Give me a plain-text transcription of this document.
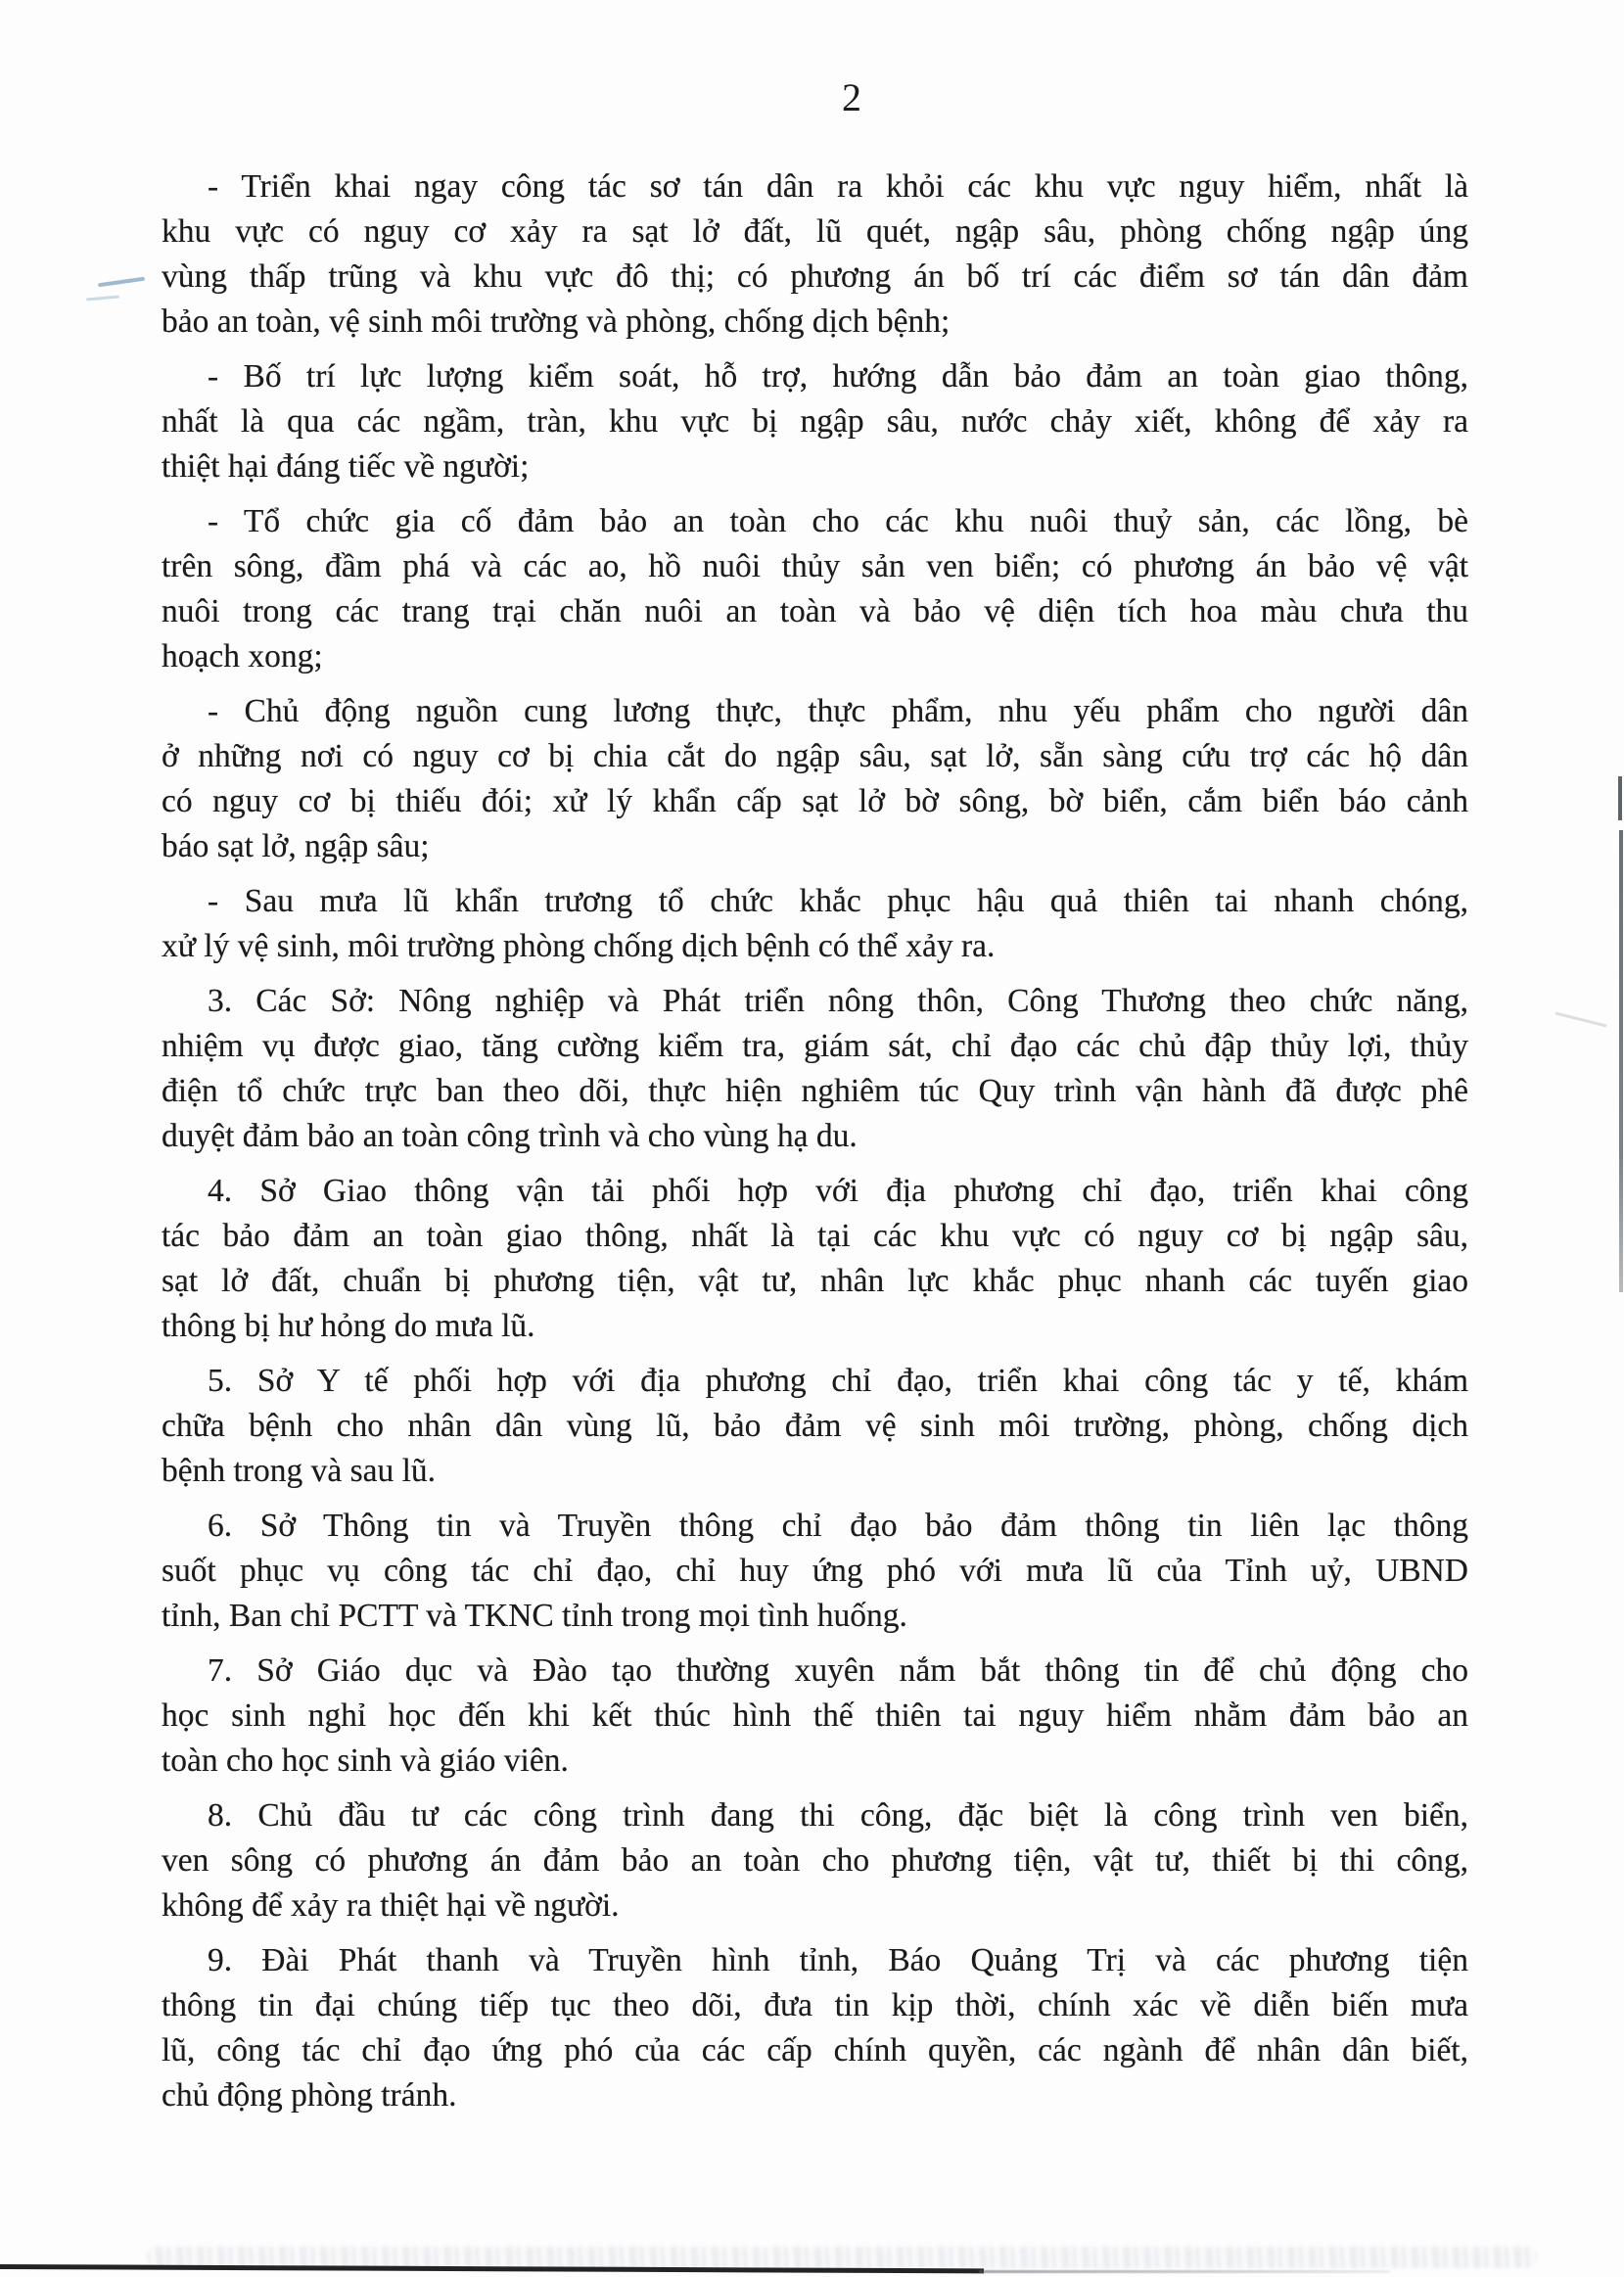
2
- Triển khai ngay công tác sơ tán dân ra khỏi các khu vực nguy hiểm, nhất là
khu vực có nguy cơ xảy ra sạt lở đất, lũ quét, ngập sâu, phòng chống ngập úng
vùng thấp trũng và khu vực đô thị; có phương án bố trí các điểm sơ tán dân đảm
bảo an toàn, vệ sinh môi trường và phòng, chống dịch bệnh;
- Bố trí lực lượng kiểm soát, hỗ trợ, hướng dẫn bảo đảm an toàn giao thông,
nhất là qua các ngầm, tràn, khu vực bị ngập sâu, nước chảy xiết, không để xảy ra
thiệt hại đáng tiếc về người;
- Tổ chức gia cố đảm bảo an toàn cho các khu nuôi thuỷ sản, các lồng, bè
trên sông, đầm phá và các ao, hồ nuôi thủy sản ven biển; có phương án bảo vệ vật
nuôi trong các trang trại chăn nuôi an toàn và bảo vệ diện tích hoa màu chưa thu
hoạch xong;
- Chủ động nguồn cung lương thực, thực phẩm, nhu yếu phẩm cho người dân
ở những nơi có nguy cơ bị chia cắt do ngập sâu, sạt lở, sẵn sàng cứu trợ các hộ dân
có nguy cơ bị thiếu đói; xử lý khẩn cấp sạt lở bờ sông, bờ biển, cắm biển báo cảnh
báo sạt lở, ngập sâu;
- Sau mưa lũ khẩn trương tổ chức khắc phục hậu quả thiên tai nhanh chóng,
xử lý vệ sinh, môi trường phòng chống dịch bệnh có thể xảy ra.
3. Các Sở: Nông nghiệp và Phát triển nông thôn, Công Thương theo chức năng,
nhiệm vụ được giao, tăng cường kiểm tra, giám sát, chỉ đạo các chủ đập thủy lợi, thủy
điện tổ chức trực ban theo dõi, thực hiện nghiêm túc Quy trình vận hành đã được phê
duyệt đảm bảo an toàn công trình và cho vùng hạ du.
4. Sở Giao thông vận tải phối hợp với địa phương chỉ đạo, triển khai công
tác bảo đảm an toàn giao thông, nhất là tại các khu vực có nguy cơ bị ngập sâu,
sạt lở đất, chuẩn bị phương tiện, vật tư, nhân lực khắc phục nhanh các tuyến giao
thông bị hư hỏng do mưa lũ.
5. Sở Y tế phối hợp với địa phương chỉ đạo, triển khai công tác y tế, khám
chữa bệnh cho nhân dân vùng lũ, bảo đảm vệ sinh môi trường, phòng, chống dịch
bệnh trong và sau lũ.
6. Sở Thông tin và Truyền thông chỉ đạo bảo đảm thông tin liên lạc thông
suốt phục vụ công tác chỉ đạo, chỉ huy ứng phó với mưa lũ của Tỉnh uỷ, UBND
tỉnh, Ban chỉ PCTT và TKNC tỉnh trong mọi tình huống.
7. Sở Giáo dục và Đào tạo thường xuyên nắm bắt thông tin để chủ động cho
học sinh nghỉ học đến khi kết thúc hình thế thiên tai nguy hiểm nhằm đảm bảo an
toàn cho học sinh và giáo viên.
8. Chủ đầu tư các công trình đang thi công, đặc biệt là công trình ven biển,
ven sông có phương án đảm bảo an toàn cho phương tiện, vật tư, thiết bị thi công,
không để xảy ra thiệt hại về người.
9. Đài Phát thanh và Truyền hình tỉnh, Báo Quảng Trị và các phương tiện
thông tin đại chúng tiếp tục theo dõi, đưa tin kịp thời, chính xác về diễn biến mưa
lũ, công tác chỉ đạo ứng phó của các cấp chính quyền, các ngành để nhân dân biết,
chủ động phòng tránh.
